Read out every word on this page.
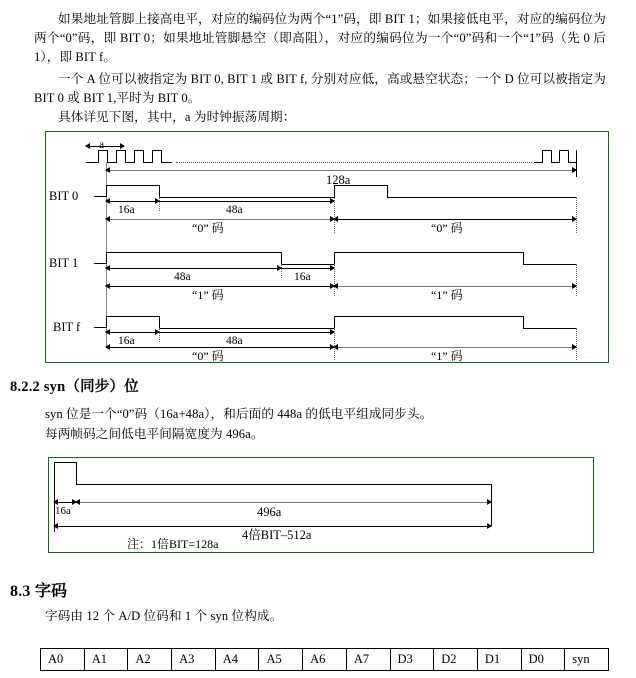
如果地址管脚上接高电平，对应的编码位为两个“1”码，即 BIT 1；如果接低电平，对应的编码位为两个“0”码，即 BIT 0；如果地址管脚悬空（即高阻），对应的编码位为一个“0”码和一个“1”码（先 0 后 1），即 BIT f。
一个 A 位可以被指定为 BIT 0, BIT 1 或 BIT f, 分别对应低，高或悬空状态；一个 D 位可以被指定为 BIT 0 或 BIT 1,平时为 BIT 0。
具体详见下图，其中，a 为时钟振荡周期：
a
128a
BIT 0
16a	48a
“0” 码	“0” 码
BIT 1
48a	16a
“1” 码	“1” 码
BIT f
16a	48a
“0” 码	“1” 码
8.2.2 syn（同步）位
syn 位是一个“0”码（16a+48a），和后面的 448a 的低电平组成同步头。
每两帧码之间低电平间隔宽度为 496a。
16a	496a
4倍BIT–512a
注：1倍BIT=128a
8.3 字码
字码由 12 个 A/D 位码和 1 个 syn 位构成。
A0	A1	A2	A3	A4	A5	A6	A7	D3	D2	D1	D0	syn
